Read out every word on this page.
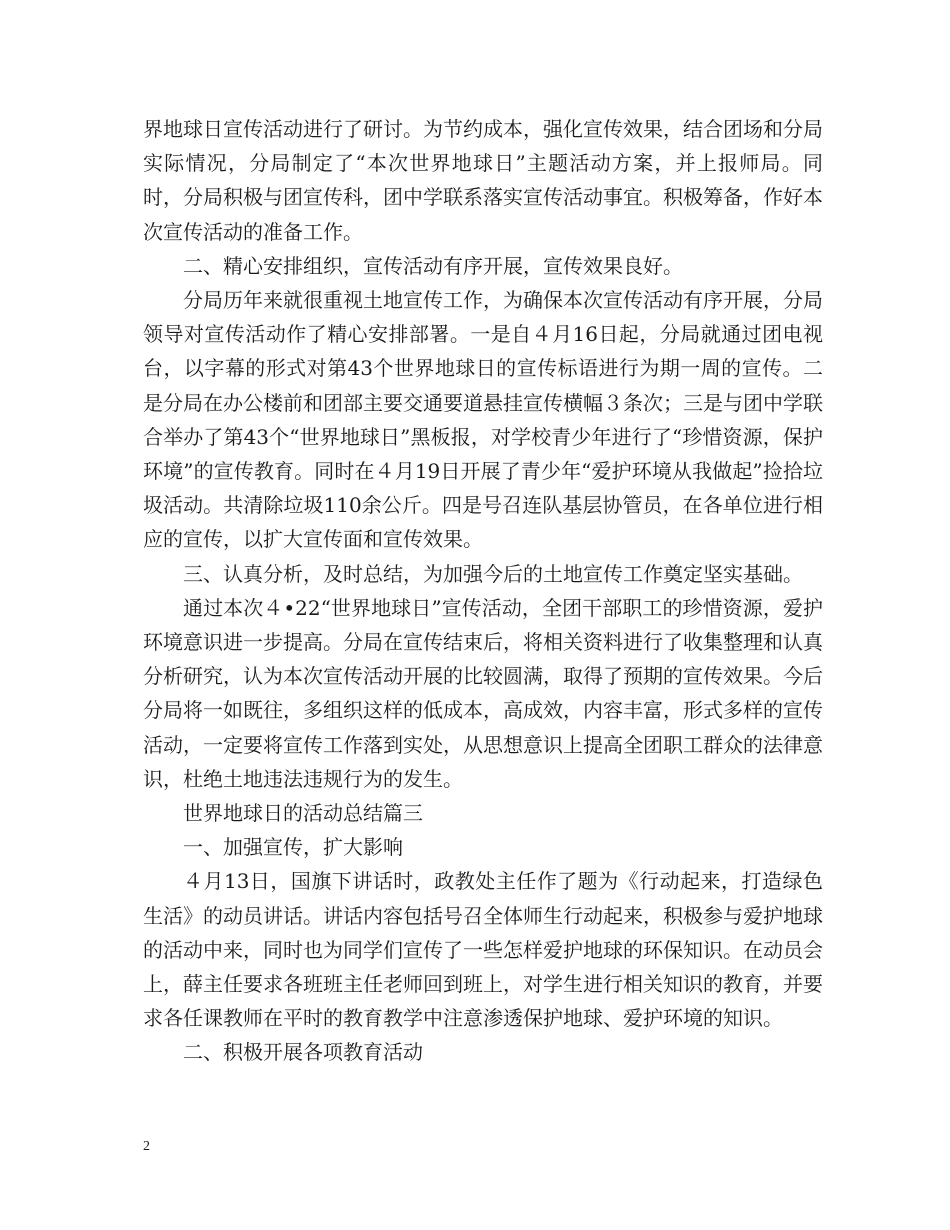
界地球日宣传活动进行了研讨。为节约成本，强化宣传效果，结合团场和分局实际情况，分局制定了“本次世界地球日”主题活动方案，并上报师局。同时，分局积极与团宣传科，团中学联系落实宣传活动事宜。积极筹备，作好本次宣传活动的准备工作。

二、精心安排组织，宣传活动有序开展，宣传效果良好。

分局历年来就很重视土地宣传工作，为确保本次宣传活动有序开展，分局领导对宣传活动作了精心安排部署。一是自４月16日起，分局就通过团电视台，以字幕的形式对第43个世界地球日的宣传标语进行为期一周的宣传。二是分局在办公楼前和团部主要交通要道悬挂宣传横幅３条次；三是与团中学联合举办了第43个“世界地球日”黑板报，对学校青少年进行了“珍惜资源，保护环境”的宣传教育。同时在４月19日开展了青少年“爱护环境从我做起”捡拾垃圾活动。共清除垃圾110余公斤。四是号召连队基层协管员，在各单位进行相应的宣传，以扩大宣传面和宣传效果。

三、认真分析，及时总结，为加强今后的土地宣传工作奠定坚实基础。

通过本次４•22“世界地球日”宣传活动，全团干部职工的珍惜资源，爱护环境意识进一步提高。分局在宣传结束后，将相关资料进行了收集整理和认真分析研究，认为本次宣传活动开展的比较圆满，取得了预期的宣传效果。今后分局将一如既往，多组织这样的低成本，高成效，内容丰富，形式多样的宣传活动，一定要将宣传工作落到实处，从思想意识上提高全团职工群众的法律意识，杜绝土地违法违规行为的发生。

世界地球日的活动总结篇三

一、加强宣传，扩大影响

４月13日，国旗下讲话时，政教处主任作了题为《行动起来，打造绿色生活》的动员讲话。讲话内容包括号召全体师生行动起来，积极参与爱护地球的活动中来，同时也为同学们宣传了一些怎样爱护地球的环保知识。在动员会上，薛主任要求各班班主任老师回到班上，对学生进行相关知识的教育，并要求各任课教师在平时的教育教学中注意渗透保护地球、爱护环境的知识。

二、积极开展各项教育活动

2
